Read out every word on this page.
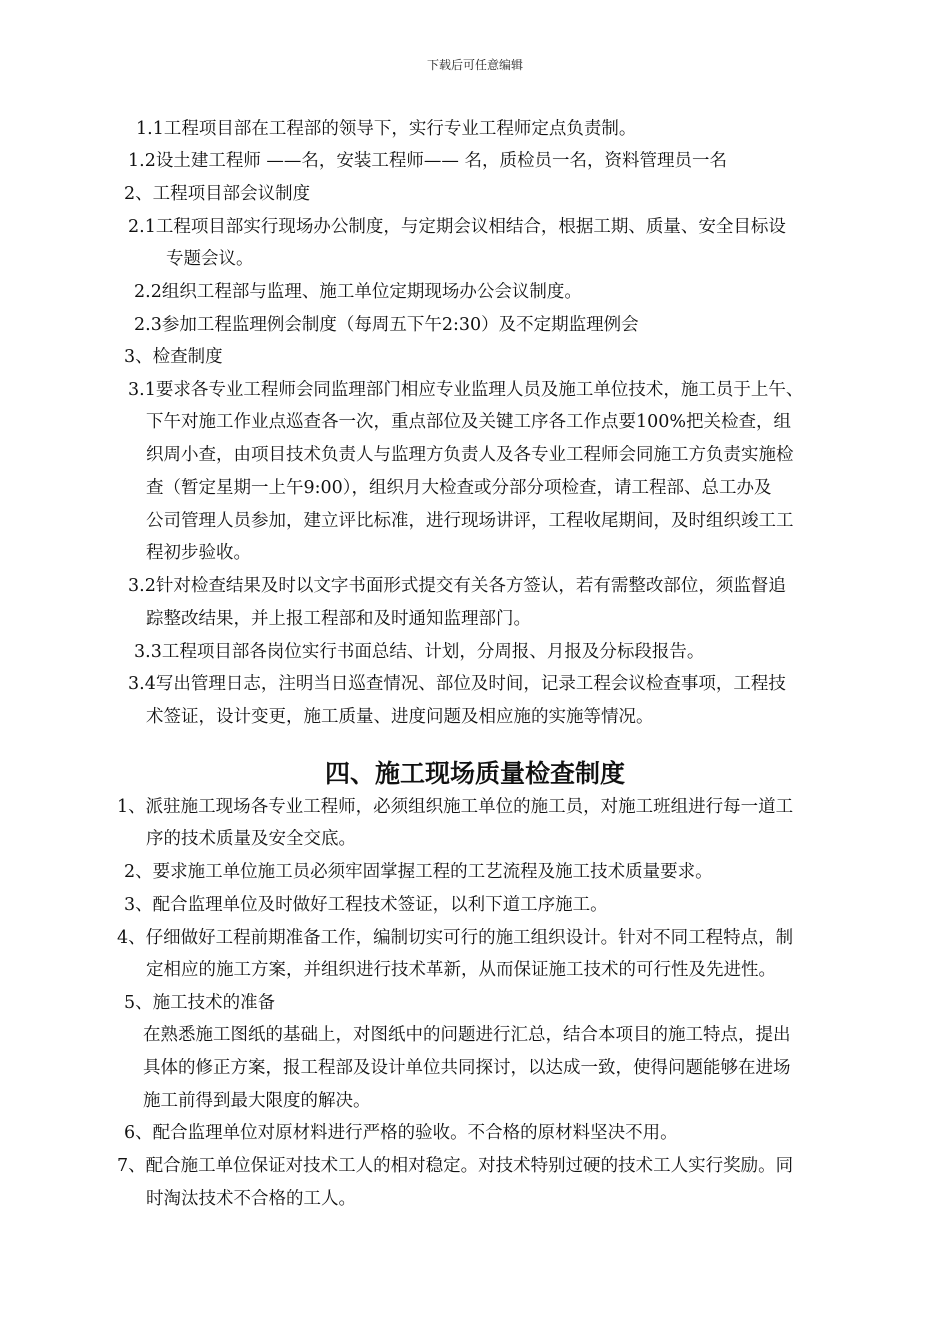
下载后可任意编辑
1.1工程项目部在工程部的领导下，实行专业工程师定点负责制。
1.2设土建工程师 ——名，安装工程师—— 名，质检员一名，资料管理员一名
2、工程项目部会议制度
2.1工程项目部实行现场办公制度，与定期会议相结合，根据工期、质量、安全目标设
专题会议。
2.2组织工程部与监理、施工单位定期现场办公会议制度。
2.3参加工程监理例会制度（每周五下午2:30）及不定期监理例会
3、检查制度
3.1要求各专业工程师会同监理部门相应专业监理人员及施工单位技术，施工员于上午、
下午对施工作业点巡查各一次，重点部位及关键工序各工作点要100%把关检查，组
织周小查，由项目技术负责人与监理方负责人及各专业工程师会同施工方负责实施检
查（暂定星期一上午9:00），组织月大检查或分部分项检查，请工程部、总工办及
公司管理人员参加，建立评比标准，进行现场讲评，工程收尾期间，及时组织竣工工
程初步验收。
3.2针对检查结果及时以文字书面形式提交有关各方签认，若有需整改部位，须监督追
踪整改结果，并上报工程部和及时通知监理部门。
3.3工程项目部各岗位实行书面总结、计划，分周报、月报及分标段报告。
3.4写出管理日志，注明当日巡查情况、部位及时间，记录工程会议检查事项，工程技
术签证，设计变更，施工质量、进度问题及相应施的实施等情况。
四、施工现场质量检查制度
1、派驻施工现场各专业工程师，必须组织施工单位的施工员，对施工班组进行每一道工
序的技术质量及安全交底。
2、要求施工单位施工员必须牢固掌握工程的工艺流程及施工技术质量要求。
3、配合监理单位及时做好工程技术签证，以利下道工序施工。
4、仔细做好工程前期准备工作，编制切实可行的施工组织设计。针对不同工程特点，制
定相应的施工方案，并组织进行技术革新，从而保证施工技术的可行性及先进性。
5、施工技术的准备
在熟悉施工图纸的基础上，对图纸中的问题进行汇总，结合本项目的施工特点，提出
具体的修正方案，报工程部及设计单位共同探讨，以达成一致，使得问题能够在进场
施工前得到最大限度的解决。
6、配合监理单位对原材料进行严格的验收。不合格的原材料坚决不用。
7、配合施工单位保证对技术工人的相对稳定。对技术特别过硬的技术工人实行奖励。同
时淘汰技术不合格的工人。
